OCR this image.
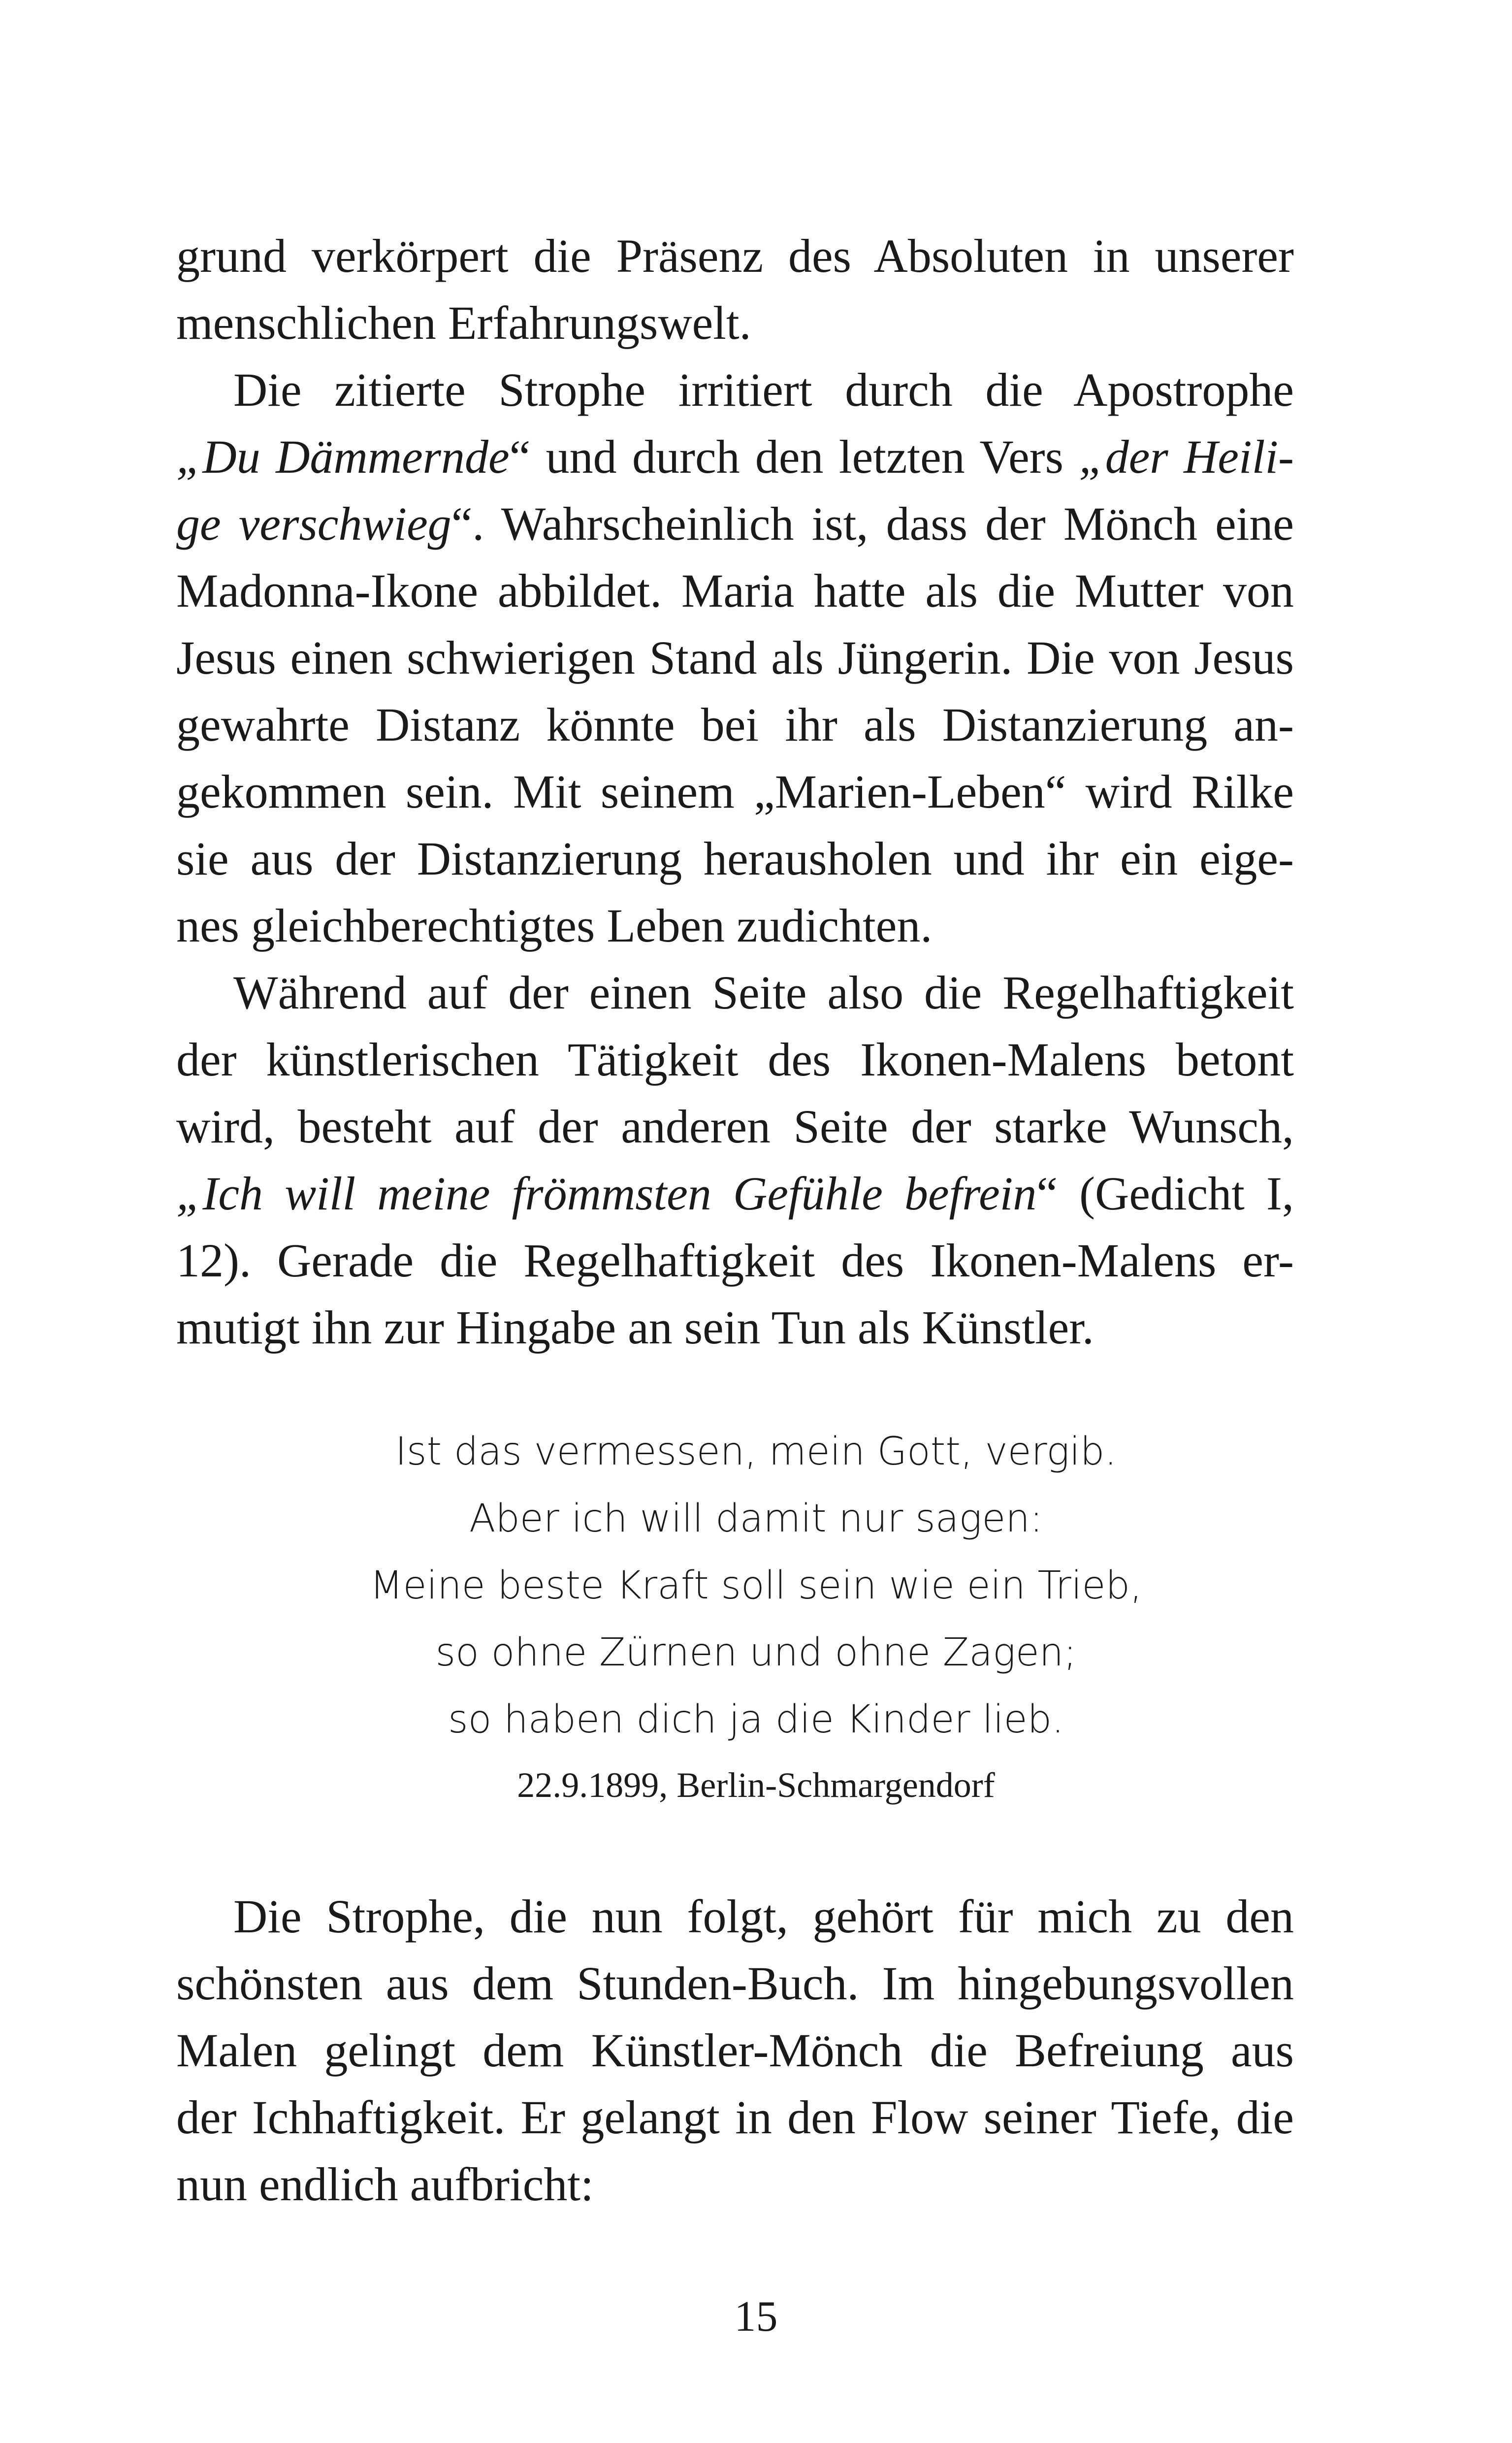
grund verkörpert die Präsenz des Absoluten in unserer
menschlichen Erfahrungswelt.
Die zitierte Strophe irritiert durch die Apostrophe
„Du Dämmernde“ und durch den letzten Vers „der Heili-
ge verschwieg“. Wahrscheinlich ist, dass der Mönch eine
Madonna-Ikone abbildet. Maria hatte als die Mutter von
Jesus einen schwierigen Stand als Jüngerin. Die von Jesus
gewahrte Distanz könnte bei ihr als Distanzierung an-
gekommen sein. Mit seinem „Marien-Leben“ wird Rilke
sie aus der Distanzierung herausholen und ihr ein eige-
nes gleichberechtigtes Leben zudichten.
Während auf der einen Seite also die Regelhaftigkeit
der künstlerischen Tätigkeit des Ikonen-Malens betont
wird, besteht auf der anderen Seite der starke Wunsch,
„Ich will meine frömmsten Gefühle befrein“ (Gedicht I,
12). Gerade die Regelhaftigkeit des Ikonen-Malens er-
mutigt ihn zur Hingabe an sein Tun als Künstler.
Ist das vermessen, mein Gott, vergib.
Aber ich will damit nur sagen:
Meine beste Kraft soll sein wie ein Trieb,
so ohne Zürnen und ohne Zagen;
so haben dich ja die Kinder lieb.
22.9.1899, Berlin-Schmargendorf
Die Strophe, die nun folgt, gehört für mich zu den
schönsten aus dem Stunden-Buch. Im hingebungsvollen
Malen gelingt dem Künstler-Mönch die Befreiung aus
der Ichhaftigkeit. Er gelangt in den Flow seiner Tiefe, die
nun endlich aufbricht:
15
